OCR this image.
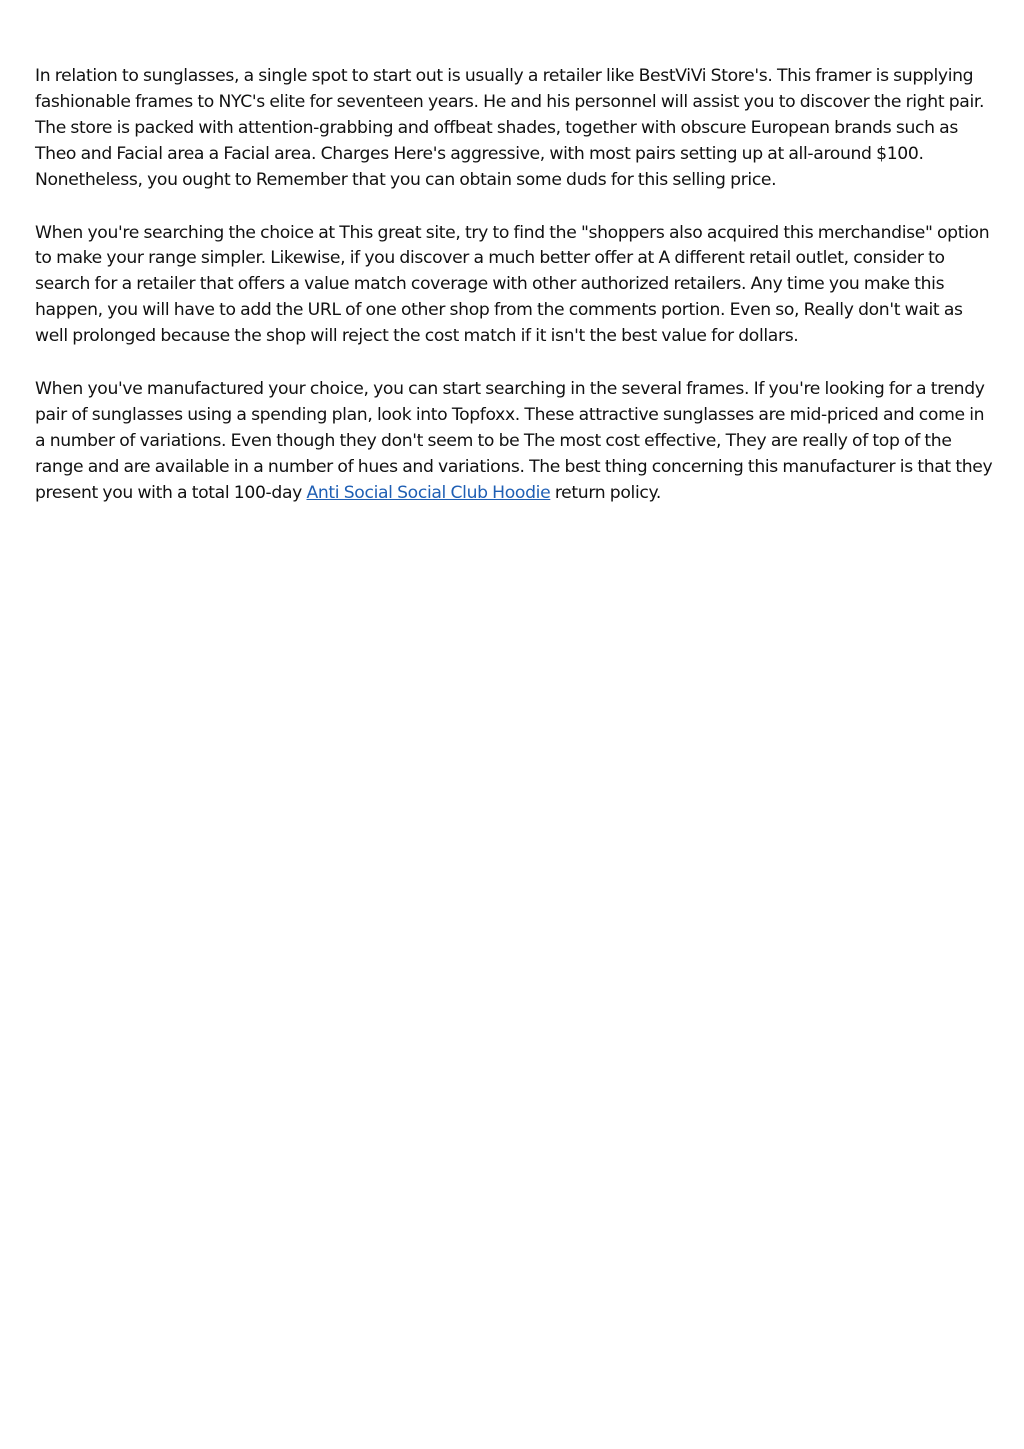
In relation to sunglasses, a single spot to start out is usually a retailer like BestViVi Store's. This framer is supplying fashionable frames to NYC's elite for seventeen years. He and his personnel will assist you to discover the right pair. The store is packed with attention-grabbing and offbeat shades, together with obscure European brands such as Theo and Facial area a Facial area. Charges Here's aggressive, with most pairs setting up at all-around $100. Nonetheless, you ought to Remember that you can obtain some duds for this selling price.

When you're searching the choice at This great site, try to find the "shoppers also acquired this merchandise" option to make your range simpler. Likewise, if you discover a much better offer at A different retail outlet, consider to search for a retailer that offers a value match coverage with other authorized retailers. Any time you make this happen, you will have to add the URL of one other shop from the comments portion. Even so, Really don't wait as well prolonged because the shop will reject the cost match if it isn't the best value for dollars.

When you've manufactured your choice, you can start searching in the several frames. If you're looking for a trendy pair of sunglasses using a spending plan, look into Topfoxx. These attractive sunglasses are mid-priced and come in a number of variations. Even though they don't seem to be The most cost effective, They are really of top of the range and are available in a number of hues and variations. The best thing concerning this manufacturer is that they present you with a total 100-day Anti Social Social Club Hoodie return policy.
